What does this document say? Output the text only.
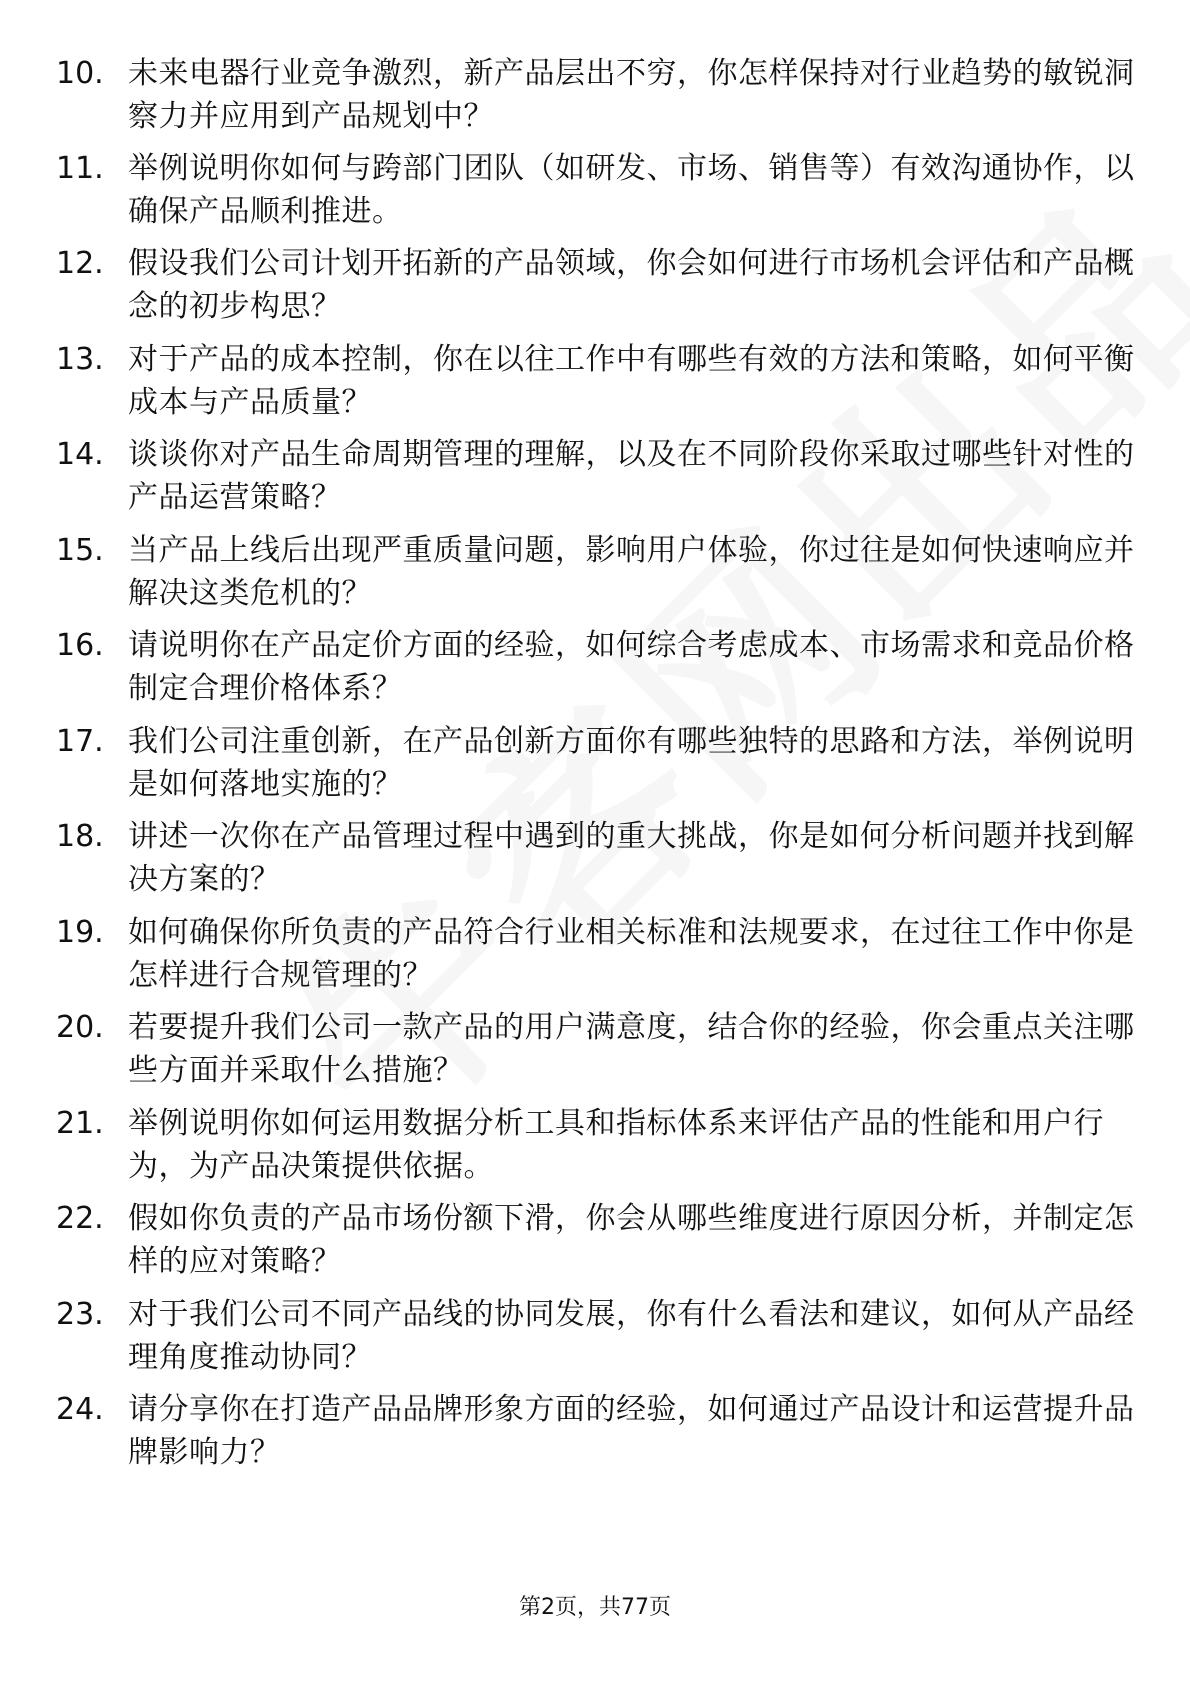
10. 未来电器行业竞争激烈，新产品层出不穷，你怎样保持对行业趋势的敏锐洞察力并应用到产品规划中？
11. 举例说明你如何与跨部门团队（如研发、市场、销售等）有效沟通协作，以确保产品顺利推进。
12. 假设我们公司计划开拓新的产品领域，你会如何进行市场机会评估和产品概念的初步构思？
13. 对于产品的成本控制，你在以往工作中有哪些有效的方法和策略，如何平衡成本与产品质量？
14. 谈谈你对产品生命周期管理的理解，以及在不同阶段你采取过哪些针对性的产品运营策略？
15. 当产品上线后出现严重质量问题，影响用户体验，你过往是如何快速响应并解决这类危机的？
16. 请说明你在产品定价方面的经验，如何综合考虑成本、市场需求和竞品价格制定合理价格体系？
17. 我们公司注重创新，在产品创新方面你有哪些独特的思路和方法，举例说明是如何落地实施的？
18. 讲述一次你在产品管理过程中遇到的重大挑战，你是如何分析问题并找到解决方案的？
19. 如何确保你所负责的产品符合行业相关标准和法规要求，在过往工作中你是怎样进行合规管理的？
20. 若要提升我们公司一款产品的用户满意度，结合你的经验，你会重点关注哪些方面并采取什么措施？
21. 举例说明你如何运用数据分析工具和指标体系来评估产品的性能和用户行为，为产品决策提供依据。
22. 假如你负责的产品市场份额下滑，你会从哪些维度进行原因分析，并制定怎样的应对策略？
23. 对于我们公司不同产品线的协同发展，你有什么看法和建议，如何从产品经理角度推动协同？
24. 请分享你在打造产品品牌形象方面的经验，如何通过产品设计和运营提升品牌影响力？
第2页，共77页
